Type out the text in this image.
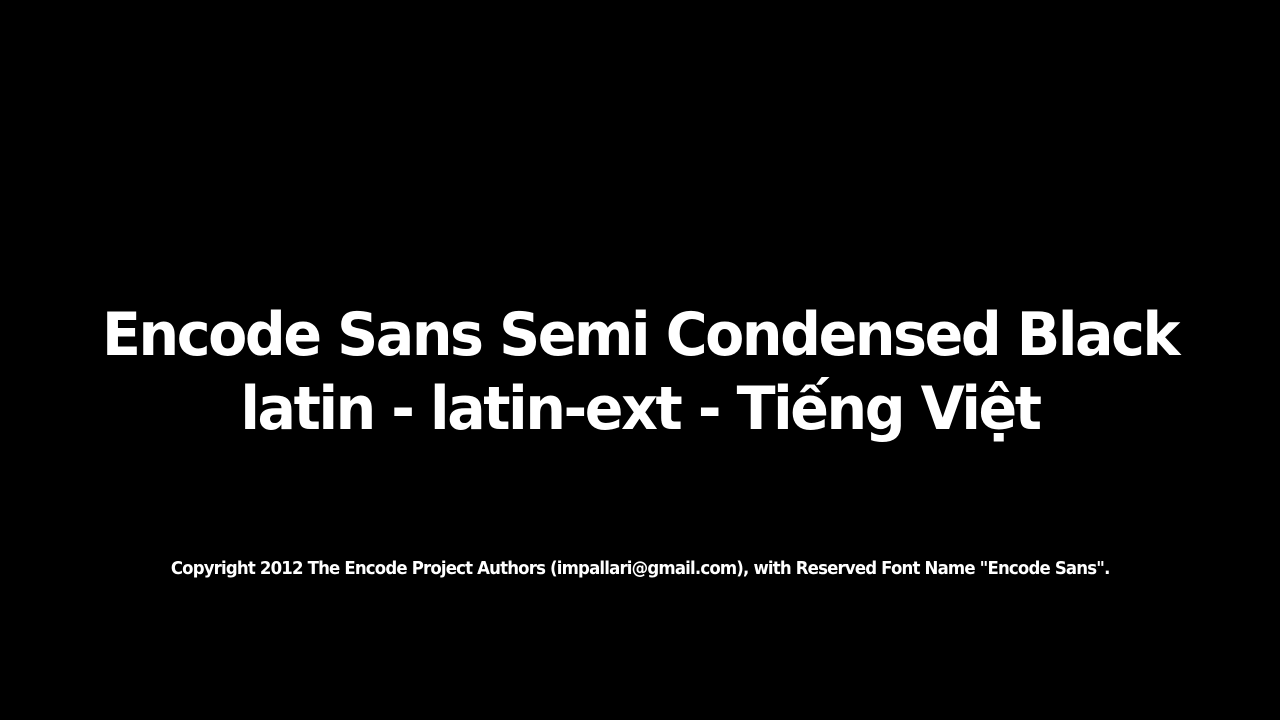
Encode Sans Semi Condensed Black
latin - latin-ext - Tiếng Việt
Copyright 2012 The Encode Project Authors (impallari@gmail.com), with Reserved Font Name "Encode Sans".
